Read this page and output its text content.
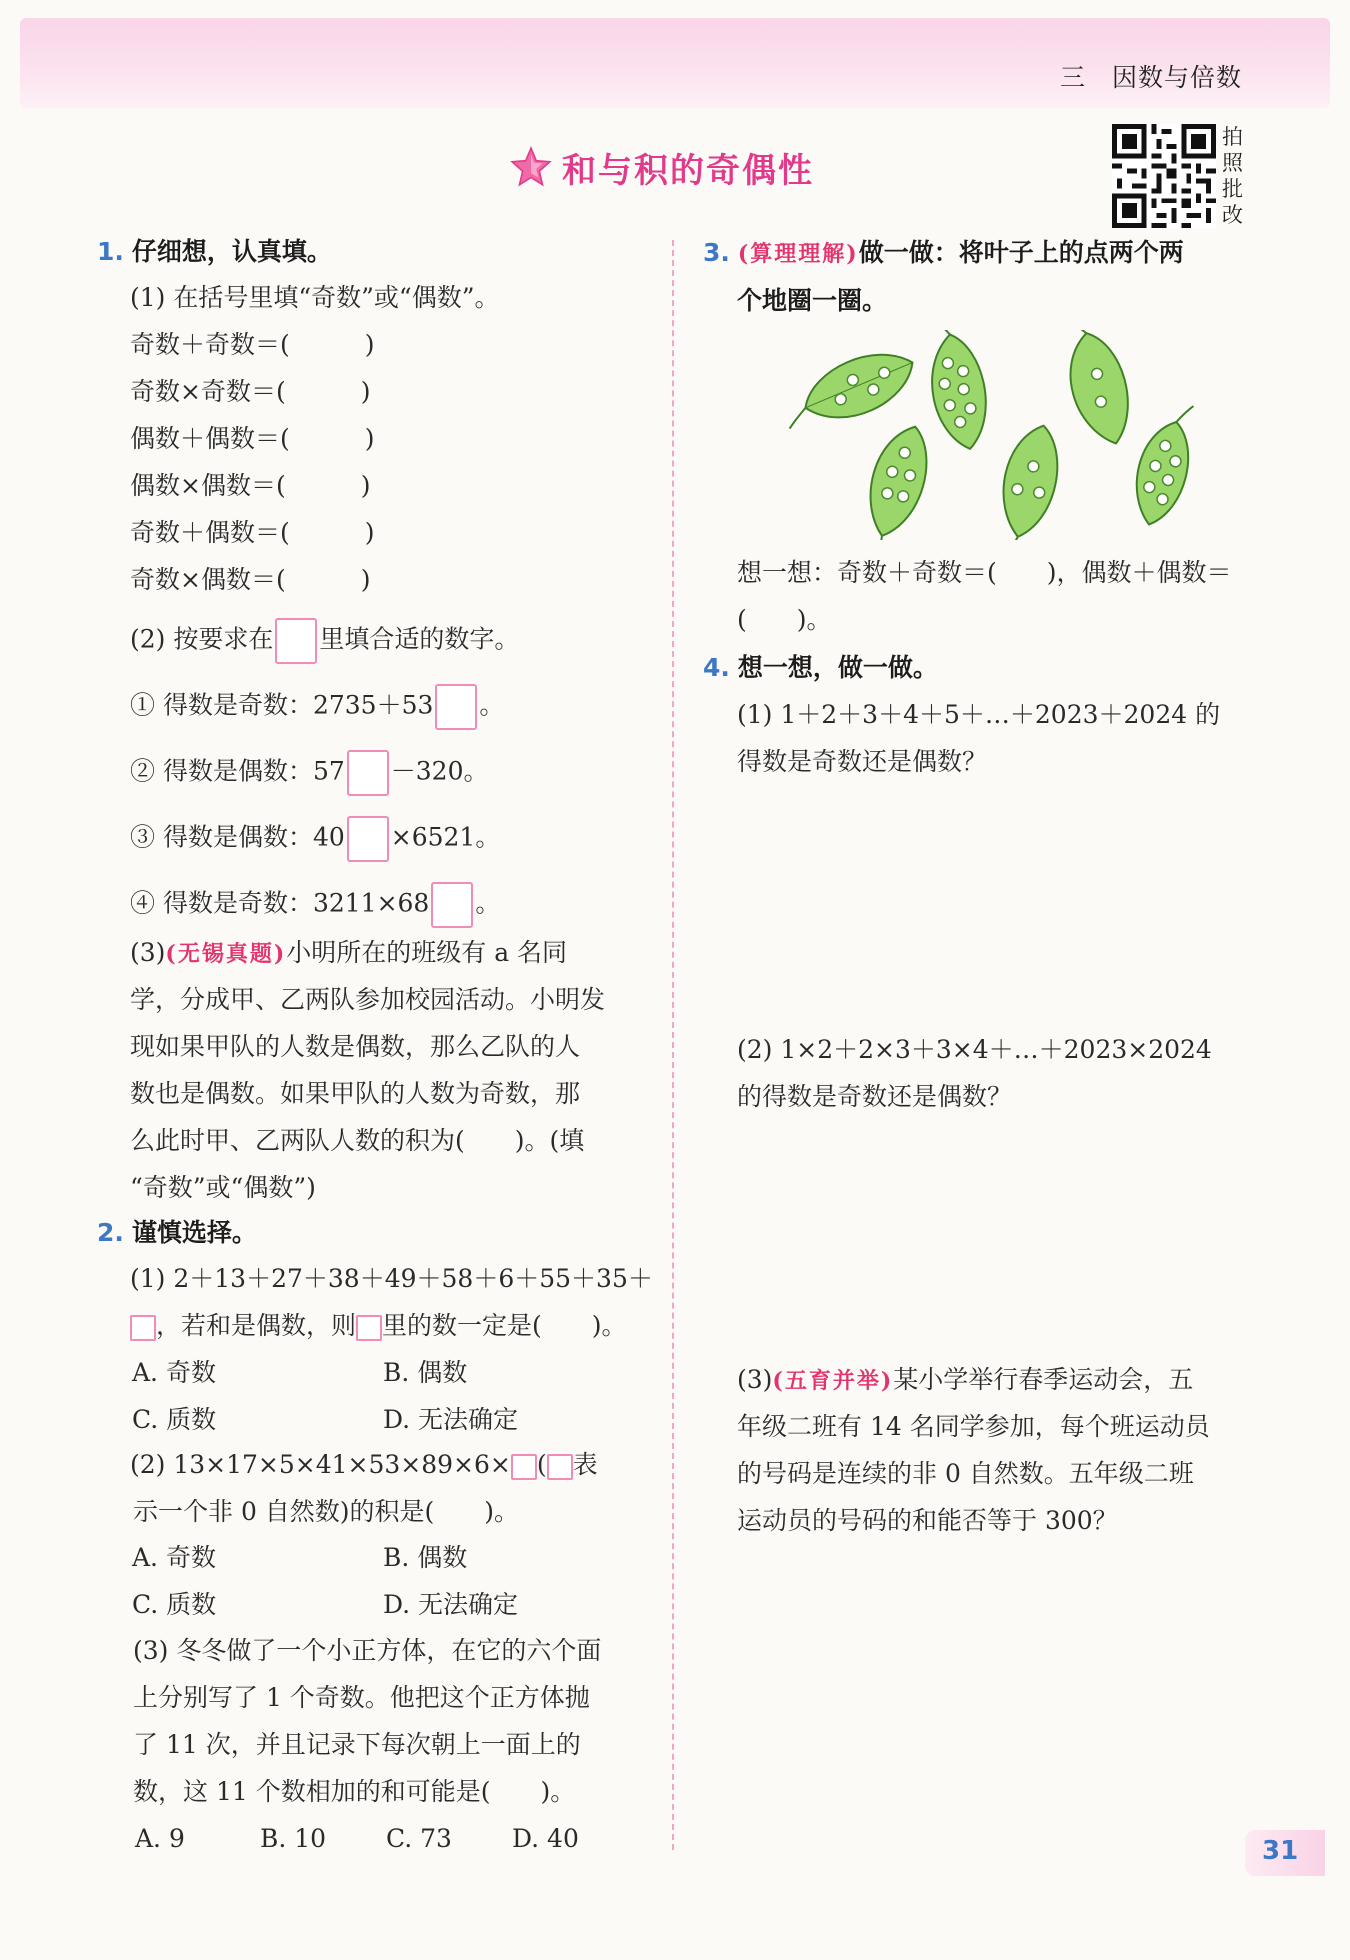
三　因数与倍数
和与积的奇偶性
拍
照
批
改
1. 仔细想，认真填。
(1) 在括号里填“奇数”或“偶数”。
奇数＋奇数＝(　　　)
奇数×奇数＝(　　　)
偶数＋偶数＝(　　　)
偶数×偶数＝(　　　)
奇数＋偶数＝(　　　)
奇数×偶数＝(　　　)
(2) 按要求在 里填合适的数字。
① 得数是奇数：2735＋53 。
② 得数是偶数：57 －320。
③ 得数是偶数：40 ×6521。
④ 得数是奇数：3211×68 。
(3)(无锡真题)小明所在的班级有 a 名同
学，分成甲、乙两队参加校园活动。小明发
现如果甲队的人数是偶数，那么乙队的人
数也是偶数。如果甲队的人数为奇数，那
么此时甲、乙两队人数的积为(　　)。(填
“奇数”或“偶数”)
2. 谨慎选择。
(1) 2＋13＋27＋38＋49＋58＋6＋55＋35＋
，若和是偶数，则 里的数一定是(　　)。
A. 奇数	B. 偶数
C. 质数	D. 无法确定
(2) 13×17×5×41×53×89×6× ( 表
示一个非 0 自然数)的积是(　　)。
A. 奇数	B. 偶数
C. 质数	D. 无法确定
(3) 冬冬做了一个小正方体，在它的六个面
上分别写了 1 个奇数。他把这个正方体抛
了 11 次，并且记录下每次朝上一面上的
数，这 11 个数相加的和可能是(　　)。
A. 9	B. 10 C. 73 D. 40
3. (算理理解)做一做：将叶子上的点两个两
个地圈一圈。
想一想：奇数＋奇数＝(　　)，偶数＋偶数＝
(　　)。
4. 想一想，做一做。
(1) 1＋2＋3＋4＋5＋…＋2023＋2024 的
得数是奇数还是偶数？
(2) 1×2＋2×3＋3×4＋…＋2023×2024
的得数是奇数还是偶数？
(3)(五育并举)某小学举行春季运动会，五
年级二班有 14 名同学参加，每个班运动员
的号码是连续的非 0 自然数。五年级二班
运动员的号码的和能否等于 300？
31
